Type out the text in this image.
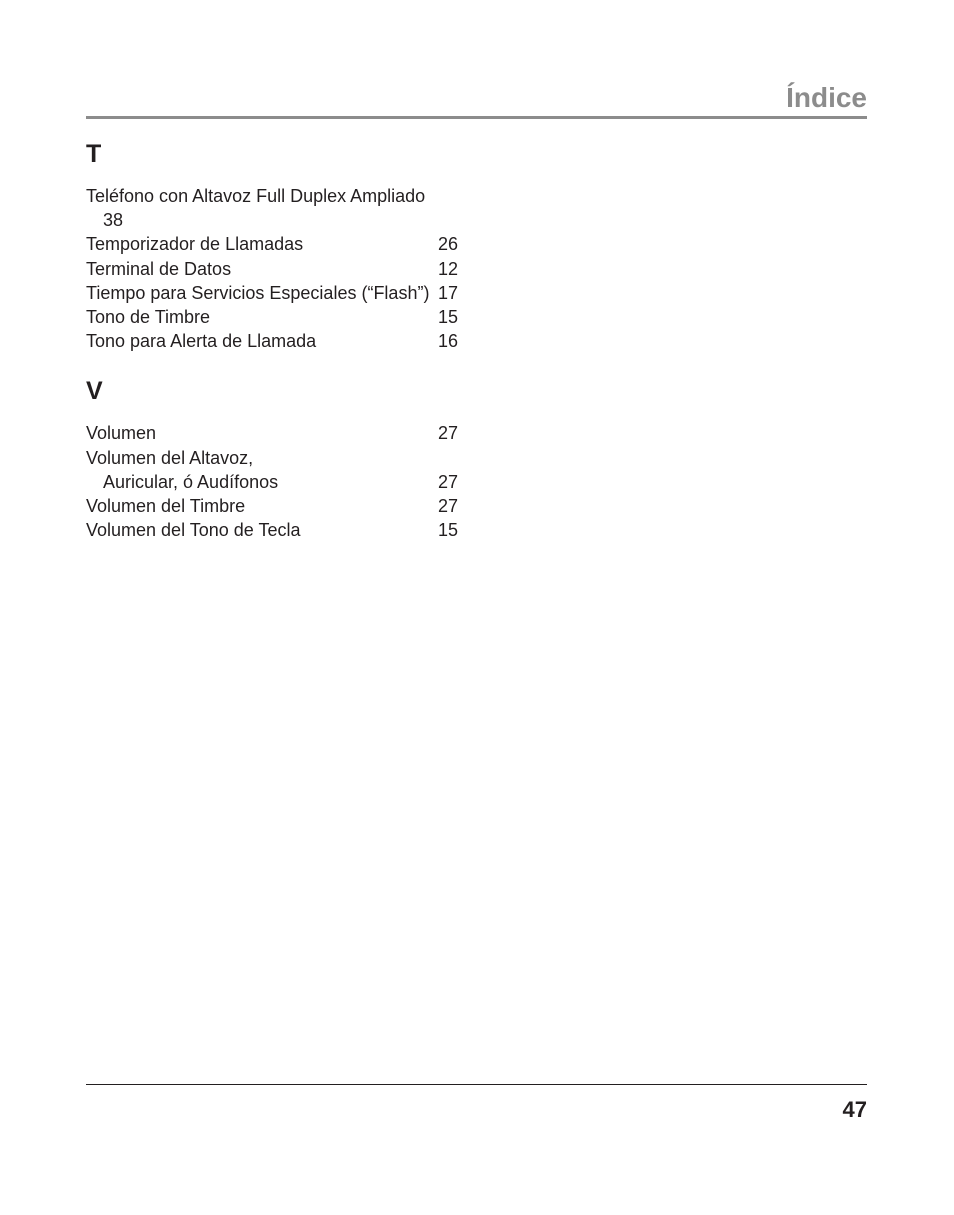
Índice
T
Teléfono con Altavoz Full Duplex Ampliado
38
Temporizador de Llamadas	26
Terminal de Datos	12
Tiempo para Servicios Especiales (“Flash”) 17
Tono de Timbre	15
Tono para Alerta de Llamada	16
V
Volumen	27
Volumen del Altavoz,
Auricular, ó Audífonos	27
Volumen del Timbre	27
Volumen del Tono de Tecla	15
47
